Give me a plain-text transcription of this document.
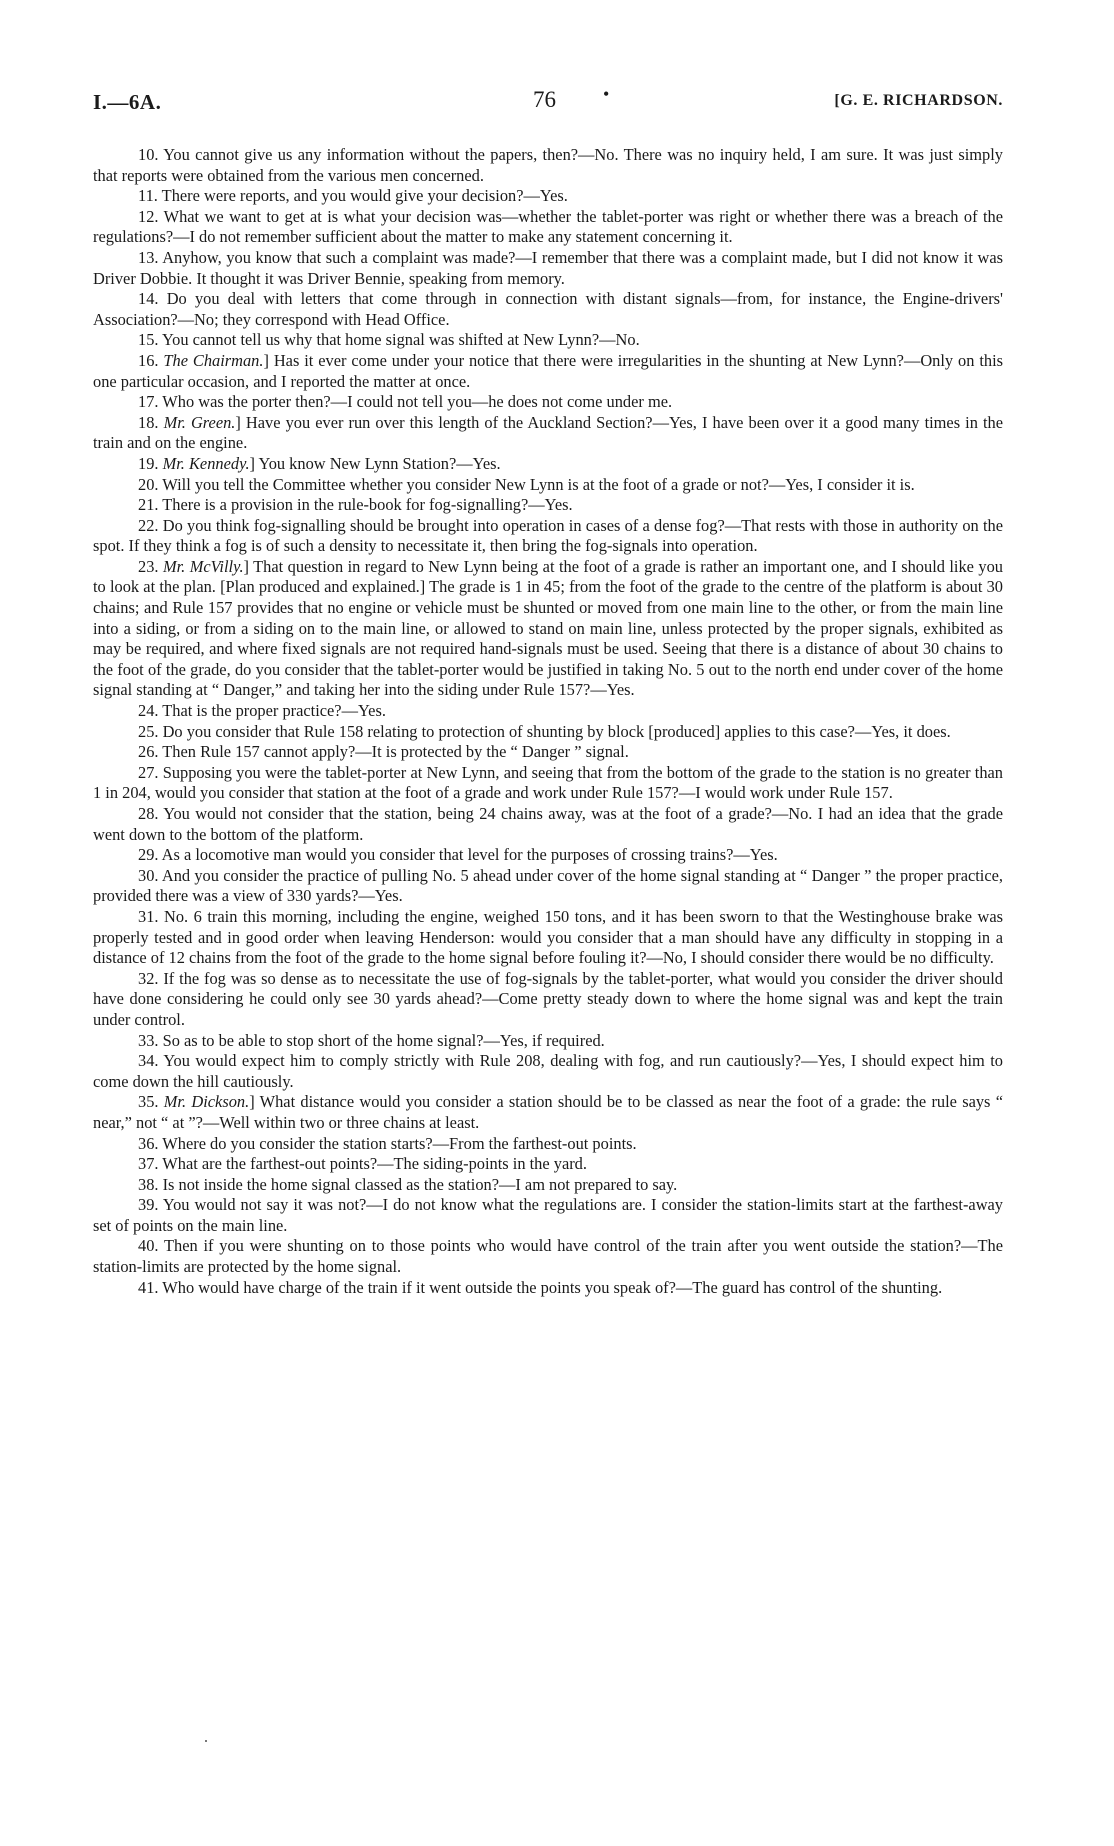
I.—6A.	76	•	[G. E. RICHARDSON.

10. You cannot give us any information without the papers, then?—No. There was no inquiry held, I am sure. It was just simply that reports were obtained from the various men concerned.

11. There were reports, and you would give your decision?—Yes.

12. What we want to get at is what your decision was—whether the tablet-porter was right or whether there was a breach of the regulations?—I do not remember sufficient about the matter to make any statement concerning it.

13. Anyhow, you know that such a complaint was made?—I remember that there was a complaint made, but I did not know it was Driver Dobbie. It thought it was Driver Bennie, speaking from memory.

14. Do you deal with letters that come through in connection with distant signals—from, for instance, the Engine-drivers' Association?—No; they correspond with Head Office.

15. You cannot tell us why that home signal was shifted at New Lynn?—No.

16. The Chairman.] Has it ever come under your notice that there were irregularities in the shunting at New Lynn?—Only on this one particular occasion, and I reported the matter at once.

17. Who was the porter then?—I could not tell you—he does not come under me.

18. Mr. Green.] Have you ever run over this length of the Auckland Section?—Yes, I have been over it a good many times in the train and on the engine.

19. Mr. Kennedy.] You know New Lynn Station?—Yes.

20. Will you tell the Committee whether you consider New Lynn is at the foot of a grade or not?—Yes, I consider it is.

21. There is a provision in the rule-book for fog-signalling?—Yes.

22. Do you think fog-signalling should be brought into operation in cases of a dense fog?—That rests with those in authority on the spot. If they think a fog is of such a density to necessitate it, then bring the fog-signals into operation.

23. Mr. McVilly.] That question in regard to New Lynn being at the foot of a grade is rather an important one, and I should like you to look at the plan. [Plan produced and explained.] The grade is 1 in 45; from the foot of the grade to the centre of the platform is about 30 chains; and Rule 157 provides that no engine or vehicle must be shunted or moved from one main line to the other, or from the main line into a siding, or from a siding on to the main line, or allowed to stand on main line, unless protected by the proper signals, exhibited as may be required, and where fixed signals are not required hand-signals must be used. Seeing that there is a distance of about 30 chains to the foot of the grade, do you consider that the tablet-porter would be justified in taking No. 5 out to the north end under cover of the home signal standing at “ Danger,” and taking her into the siding under Rule 157?—Yes.

24. That is the proper practice?—Yes.

25. Do you consider that Rule 158 relating to protection of shunting by block [produced] applies to this case?—Yes, it does.

26. Then Rule 157 cannot apply?—It is protected by the “ Danger ” signal.

27. Supposing you were the tablet-porter at New Lynn, and seeing that from the bottom of the grade to the station is no greater than 1 in 204, would you consider that station at the foot of a grade and work under Rule 157?—I would work under Rule 157.

28. You would not consider that the station, being 24 chains away, was at the foot of a grade?—No. I had an idea that the grade went down to the bottom of the platform.

29. As a locomotive man would you consider that level for the purposes of crossing trains?—Yes.

30. And you consider the practice of pulling No. 5 ahead under cover of the home signal standing at “ Danger ” the proper practice, provided there was a view of 330 yards?—Yes.

31. No. 6 train this morning, including the engine, weighed 150 tons, and it has been sworn to that the Westinghouse brake was properly tested and in good order when leaving Henderson: would you consider that a man should have any difficulty in stopping in a distance of 12 chains from the foot of the grade to the home signal before fouling it?—No, I should consider there would be no difficulty.

32. If the fog was so dense as to necessitate the use of fog-signals by the tablet-porter, what would you consider the driver should have done considering he could only see 30 yards ahead?—Come pretty steady down to where the home signal was and kept the train under control.

33. So as to be able to stop short of the home signal?—Yes, if required.

34. You would expect him to comply strictly with Rule 208, dealing with fog, and run cautiously?—Yes, I should expect him to come down the hill cautiously.

35. Mr. Dickson.] What distance would you consider a station should be to be classed as near the foot of a grade: the rule says “ near,” not “ at ”?—Well within two or three chains at least.

36. Where do you consider the station starts?—From the farthest-out points.

37. What are the farthest-out points?—The siding-points in the yard.

38. Is not inside the home signal classed as the station?—I am not prepared to say.

39. You would not say it was not?—I do not know what the regulations are. I consider the station-limits start at the farthest-away set of points on the main line.

40. Then if you were shunting on to those points who would have control of the train after you went outside the station?—The station-limits are protected by the home signal.

41. Who would have charge of the train if it went outside the points you speak of?—The guard has control of the shunting.
